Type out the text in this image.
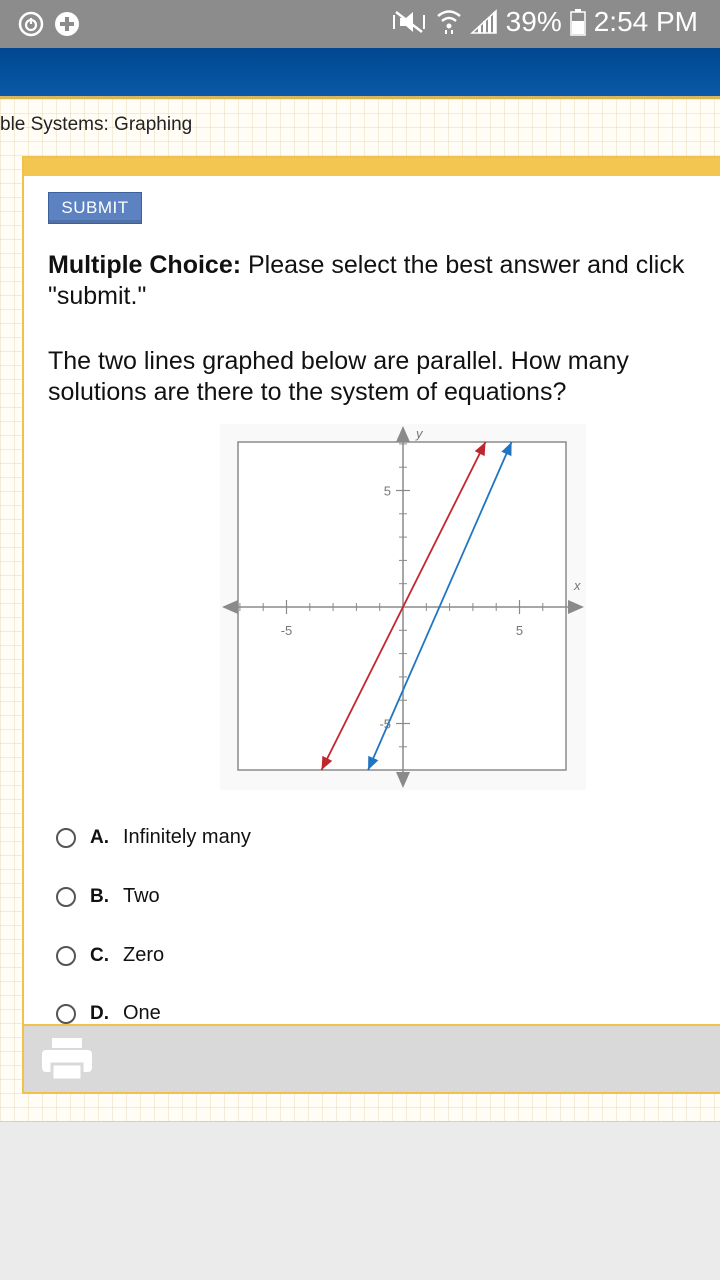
39% 2:54 PM
ble Systems: Graphing
SUBMIT
Multiple Choice: Please select the best answer and click "submit."
The two lines graphed below are parallel. How many solutions are there to the system of equations?
x
y
-5	5
5
-5
A. Infinitely many
B. Two
C. Zero
D. One
